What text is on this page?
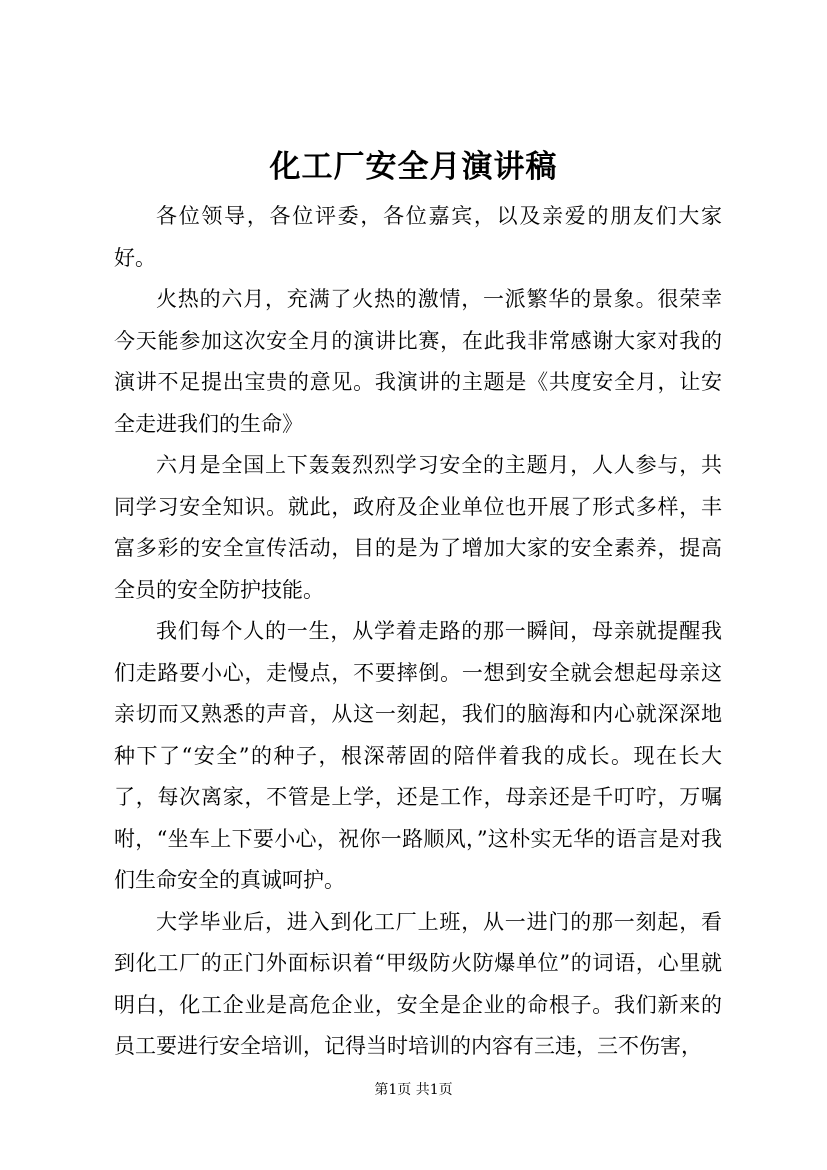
化工厂安全月演讲稿

各位领导，各位评委，各位嘉宾，以及亲爱的朋友们大家好。

火热的六月，充满了火热的激情，一派繁华的景象。很荣幸今天能参加这次安全月的演讲比赛，在此我非常感谢大家对我的演讲不足提出宝贵的意见。我演讲的主题是《共度安全月，让安全走进我们的生命》

六月是全国上下轰轰烈烈学习安全的主题月，人人参与，共同学习安全知识。就此，政府及企业单位也开展了形式多样，丰富多彩的安全宣传活动，目的是为了增加大家的安全素养，提高全员的安全防护技能。

我们每个人的一生，从学着走路的那一瞬间，母亲就提醒我们走路要小心，走慢点，不要摔倒。一想到安全就会想起母亲这亲切而又熟悉的声音，从这一刻起，我们的脑海和内心就深深地种下了“安全”的种子，根深蒂固的陪伴着我的成长。现在长大了，每次离家，不管是上学，还是工作，母亲还是千叮咛，万嘱咐，“坐车上下要小心，祝你一路顺风，”这朴实无华的语言是对我们生命安全的真诚呵护。

大学毕业后，进入到化工厂上班，从一进门的那一刻起，看到化工厂的正门外面标识着“甲级防火防爆单位”的词语，心里就明白，化工企业是高危企业，安全是企业的命根子。我们新来的员工要进行安全培训，记得当时培训的内容有三违，三不伤害，

第1页 共1页
